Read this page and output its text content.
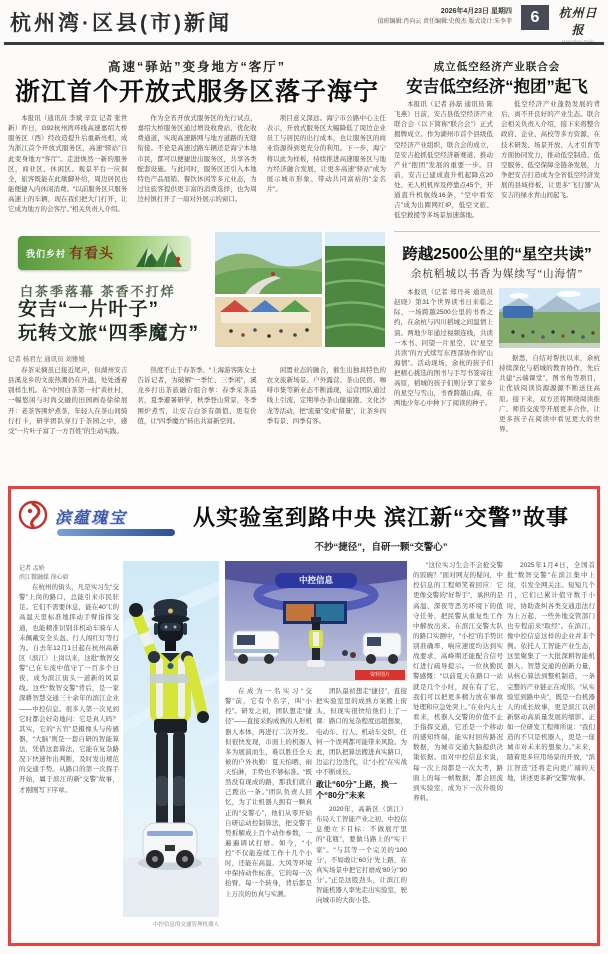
杭州湾·区县(市)新闻
2026年4月23日 星期四
值班编辑:肖向云 责任编辑:史俊杰 版式设计:朱李菲	6	杭州日报
高速“驿站”变身地方“客厅”
浙江首个开放式服务区落子海宁
本报讯（通讯员 李斌 辛宣 记者 张世新）昨日，G92杭州湾环线高速嘉绍大桥服务区（西）经改造提升后重新亮相，成为浙江首个开放式服务区，高速“驿站”自此变身地方“客厅”。走进焕然一新的服务区，商业区、休闲区、观景平台一应俱全，旅客既能在此歇脚补给，周边居民也能便捷入内休闲消费。“以前服务区只服务高速上的车辆，现在我们把大门打开，让它成为地方的会客厅。”相关负责人介绍。
作为全省开放式服务区的先行试点，嘉绍大桥服务区通过增设收费站、优化收费通道，实现高速路网与地方道路的无缝衔接。不论是高速过路车辆还是海宁本地市民，都可以便捷进出服务区，共享各类配套设施。与此同时，服务区还引入本地特色产品展销、餐饮休闲等多元业态，为过往旅客提供更丰富的消费选择，也为周边村镇打开了一扇对外展示的窗口。
项目意义深远。海宁市公路中心主任表示，开放式服务区大幅降低了周边企业员工与居民的出行成本，也让服务区的商业资源得到更充分的利用。下一步，海宁将以此为样板，持续推进高速服务区与地方经济融合发展，让更多高速“驿站”成为展示城市形象、带动共同富裕的“金名片”。
成立低空经济产业联合会
安吉低空经济“抱团”起飞
本报讯（记者 孙磊 通讯员 陈飞燕）日前，安吉县低空经济产业联合会（以下简称“联合会”）正式揭牌成立。作为湖州市首个县级低空经济产业组织，联合会的成立，是安吉抢抓低空经济新赛道、推动产业“抱团”发展的重要一步。目前，安吉已建成直升机起降点20处、无人机机库及停靠点45个，开通直升机航线16条，“空中看安吉”成为出圈网红IP，低空文旅、低空救援等多场景加速落地。
低空经济产业蓬勃发展的背后，离不开良好的产业生态。联合会相关负责人介绍，接下来将整合政府、企业、高校等多方资源，在技术研发、场景开放、人才引育等方面协同发力，推动低空制造、低空服务、低空保障全链条发展，力争把安吉打造成为全省低空经济发展的县域样板，让更多“飞行器”从安吉的绿水青山间起飞。
我们乡村 有看头
白茶季落幕 茶香不打烊
安吉“一片叶子”
玩转文旅“四季魔方”
记者 杨君左 通讯员 刘雅媛
春茶采摘虽已接近尾声，但湖州安吉县溪龙乡的文旅热潮仍在升温，处处透着别样生机。在“中国白茶第一村”黄杜村，一幅悠闲与时尚交融的田园画卷徐徐展开：老茶客围炉煮茶，年轻人在茶山间骑行打卡，研学团队穿行于茶园之中，感受“一片叶子富了一方百姓”的生动实践。
热度不止于春茶季。“上海游客陈女士告诉记者，为破解“一季忙、三季闲”，溪龙乡打出茶旅融合组合拳：春季采茶品茗，夏季避暑研学，秋季登山赏景，冬季围炉煮雪，让安吉白茶有颜值、更有价值，让“四季魔方”转出共富新空间。
闲置业态的融合，催生出独具特色的农文旅新场景。户外露营、茶山民宿、咖啡市集等新业态不断涌现，运营团队通过线上引流，定期举办茶山健康跑、文化沙龙等活动，把“流量”变成“留量”，让茶乡四季有景、四季有客。
跨越2500公里的“星空共读”
余杭稻城以书香为媒续写“山海情”
本报讯（记者 郑丹英 通讯员 赵晓）第31个世界读书日来临之际，一场跨越2500公里的书香之约，在余杭与四川稻城之间温情上演。两地少年通过视频连线，共读一本书、同望一片星空，以“星空共读”的方式续写东西部协作的“山海情”。活动现场，余杭的孩子们把精心挑选的图书与手写书签寄往高原，稻城的孩子们则分享了家乡的星空与雪山，书香跨越山海，在两地少年心中种下了阅读的种子。
据悉，自结对帮扶以来，余杭持续深化与稻城的教育协作，先后共建“云端课堂”、图书角等项目，让优质阅读资源源源不断送往高原。接下来，双方还将围绕阅读推广、师资交流等开展更多合作，让更多孩子在阅读中看见更大的世界。
滨蕴瑰宝
BIN YUN GUI BAO
从实验室到路中央 滨江新“交警”故事
不抄“捷径”，自研一颗“交警心”
记者 孟娇
滨江微融媒 徐心如
在杭州的街头，凡是实习生“交警”上岗的路口，总能引来市民驻足。它们不需要休息，能在40℃的高温天里标准地挥动手臂指挥交通，也能精准识别非机动车骑车人未佩戴安全头盔、行人闯红灯等行为。自去年12月1日起在杭州高新区（滨江）上岗以来，这批“数智交警”已在车流中值守了一百多个日夜，成为滨江街头一道新的风景线。这些“数智交警”背后，是一家深耕智慧交通三十余年的滨江企业——中控信息。很多人第一次见到它时都会好奇地问：它是真人吗？其实，它的“五官”是摄像头与传感器，“大脑”则是一套自研的智能算法，凭借这套算法，它能在复杂路况下快速作出判断，及时发出规范的交通手势。从路口的第一次挥手开始，属于滨江的新“交警”故事，才刚刚写下序章。
中控信息的交通管理机器人
中控信息
资料图片
在成为一名实习“交警”前，它有个名字，叫“小控”。研发之初，团队想走“捷径”——直接采购成熟的人形机器人本体，再进行二次开发。但很快发现，市面上的机器人多为展演而生，难以胜任全天候的户外执勤：夏天怕晒、雨天怕淋，手势也不够标准。“既然没有现成的路，那我们就自己蹚出一条。”团队负责人回忆，为了让机器人拥有一颗真正的“交警心”，他们从零开始自研运动控制算法，把交警手势拆解成上百个动作参数，一遍遍调试打磨。如今，“小控”不仅能连续工作十几个小时，还能在高温、大风等环境中保持动作标准，它的每一次抬臂、每一个转身，背后都是上万次的仿真与实测。
团队最初想走“捷径”，直接把实验室里的成熟方案搬上街头，但现实很快给他们上了一课：路口的复杂程度远超想象，电动车、行人、机动车交织，任何一个误判都可能带来风险。为此，团队把算法搬进真实路口，边运行边迭代，让“小控”在实战中不断成长。
敢让“60分”上路，换一个“80分”未来
2020年，高新区（滨江）布局人工智能产业之初，中控信息便立下目标：不做展厅里的“花瓶”，要做马路上的“实干家”。“与其等一个完美的‘100分’，不如敢让‘60分’先上路，在真实场景中把它打磨成‘80分’‘90分’。”正是这股劲头，让滨江的智能机器人率先走出实验室，驶向城市的大街小巷。
“这位实习生会不会抢交警的饭碗？”面对网友的疑问，中控信息的工程师笑着回应：它更像交警的“好帮手”，承担的是高温、深夜等恶劣环境下的值守任务，把民警从重复性工作中解放出来。在滨江交警大队的路口实测中，“小控”的手势识别准确率、响应速度均达到实战要求，高峰期还能配合信号灯进行疏导提示。一位执勤民警感慨：“以前夏天在路口一站就是几个小时，现在有了它，我们可以把更多精力放在事故处理和应急处突上。”在业内人士看来，机器人交警的价值不止于指挥交通，它还是一个移动的感知终端，能实时回传路况数据，为城市交通大脑提供决策依据。而对中控信息来说，每一次上岗都是一次大考，路面上的每一帧数据，都会回流到实验室，成为下一次升级的养料。
2025年1月4日，全国首批“数智交警”在滨江集中上岗，引发全网关注。短短几个月，它们已累计值守数千小时，协助查纠各类交通违法行为上万起，一些外地交管部门也专程前来“取经”。在滨江，像中控信息这样的企业并非个例。依托人工智能产业生态，这里聚集了一大批深耕智能机器人、智慧交通的创新力量，从核心算法到整机制造，一条完整的产业链正在成形。“从实验室到路中央”，既是一台机器人的成长故事，更是滨江以创新驱动高质量发展的缩影。正如一位研发工程师所说：“我们造的不只是机器人，更是一座城市对未来的想象力。”未来，随着更多应用场景的开放，“滨江智造”还将走向更广阔的天地，讲述更多新“交警”故事。
